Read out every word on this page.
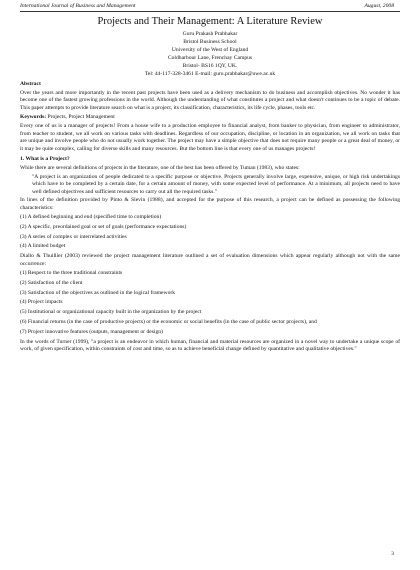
International Journal of Business and Management	August, 2008
Projects and Their Management: A Literature Review
Guru Prakash Prabhakar
Bristol Business School
University of the West of England
Coldharbour Lane, Frenchay Campus
Bristol- BS16 1QY, UK.
Tel: 44-117-328-3461 E-mail: guru.prabhakar@uwe.ac.uk
Abstract

Over the years and more importantly in the recent past projects have been used as a delivery mechanism to do business and accomplish objectives. No wonder it has become one of the fastest growing professions in the world. Although the understanding of what constitutes a project and what doesn't continues to be a topic of debate. This paper attempts to provide literature search on what is a project, its classification, characteristics, its life cycle, phases, tools etc.

Keywords: Projects, Project Management

Every one of us is a manager of projects! From a house wife to a production employee to financial analyst, from banker to physician, from engineer to administrator, from teacher to student, we all work on various tasks with deadlines. Regardless of our occupation, discipline, or location in an organization, we all work on tasks that are unique and involve people who do not usually work together. The project may have a simple objective that does not require many people or a great deal of money, or it may be quite complex, calling for diverse skills and many resources. But the bottom line is that every one of us manages projects!

1. What is a Project?

While there are several definitions of projects in the literature, one of the best has been offered by Tuman (1983), who states:

"A project is an organization of people dedicated to a specific purpose or objective. Projects generally involve large, expensive, unique, or high risk undertakings which have to be completed by a certain date, for a certain amount of money, with some expected level of performance. At a minimum, all projects need to have well defined objectives and sufficient resources to carry out all the required tasks."

In lines of the definition provided by Pinto & Slevin (1988), and accepted for the purpose of this research, a project can be defined as possessing the following characteristics:

(1) A defined beginning and end (specified time to completion)
(2) A specific, preordained goal or set of goals (performance expectations)
(3) A series of complex or interrelated activities
(4) A limited budget

Diallo & Thuillier (2003) reviewed the project management literature outlined a set of evaluation dimensions which appear regularly although not with the same occurrence:

(1) Respect to the three traditional constraints
(2) Satisfaction of the client
(3) Satisfaction of the objectives as outlined in the logical framework
(4) Project impacts
(5) Institutional or organizational capacity built in the organization by the project
(6) Financial returns (in the case of productive projects) or the economic or social benefits (in the case of public sector projects), and
(7) Project innovative features (outputs, management or design)

In the words of Turner (1999), "a project is an endeavor in which human, financial and material resources are organized in a novel way to undertake a unique scope of work, of given specification, within constraints of cost and time, so as to achieve beneficial change defined by quantitative and qualitative objectives."

3
